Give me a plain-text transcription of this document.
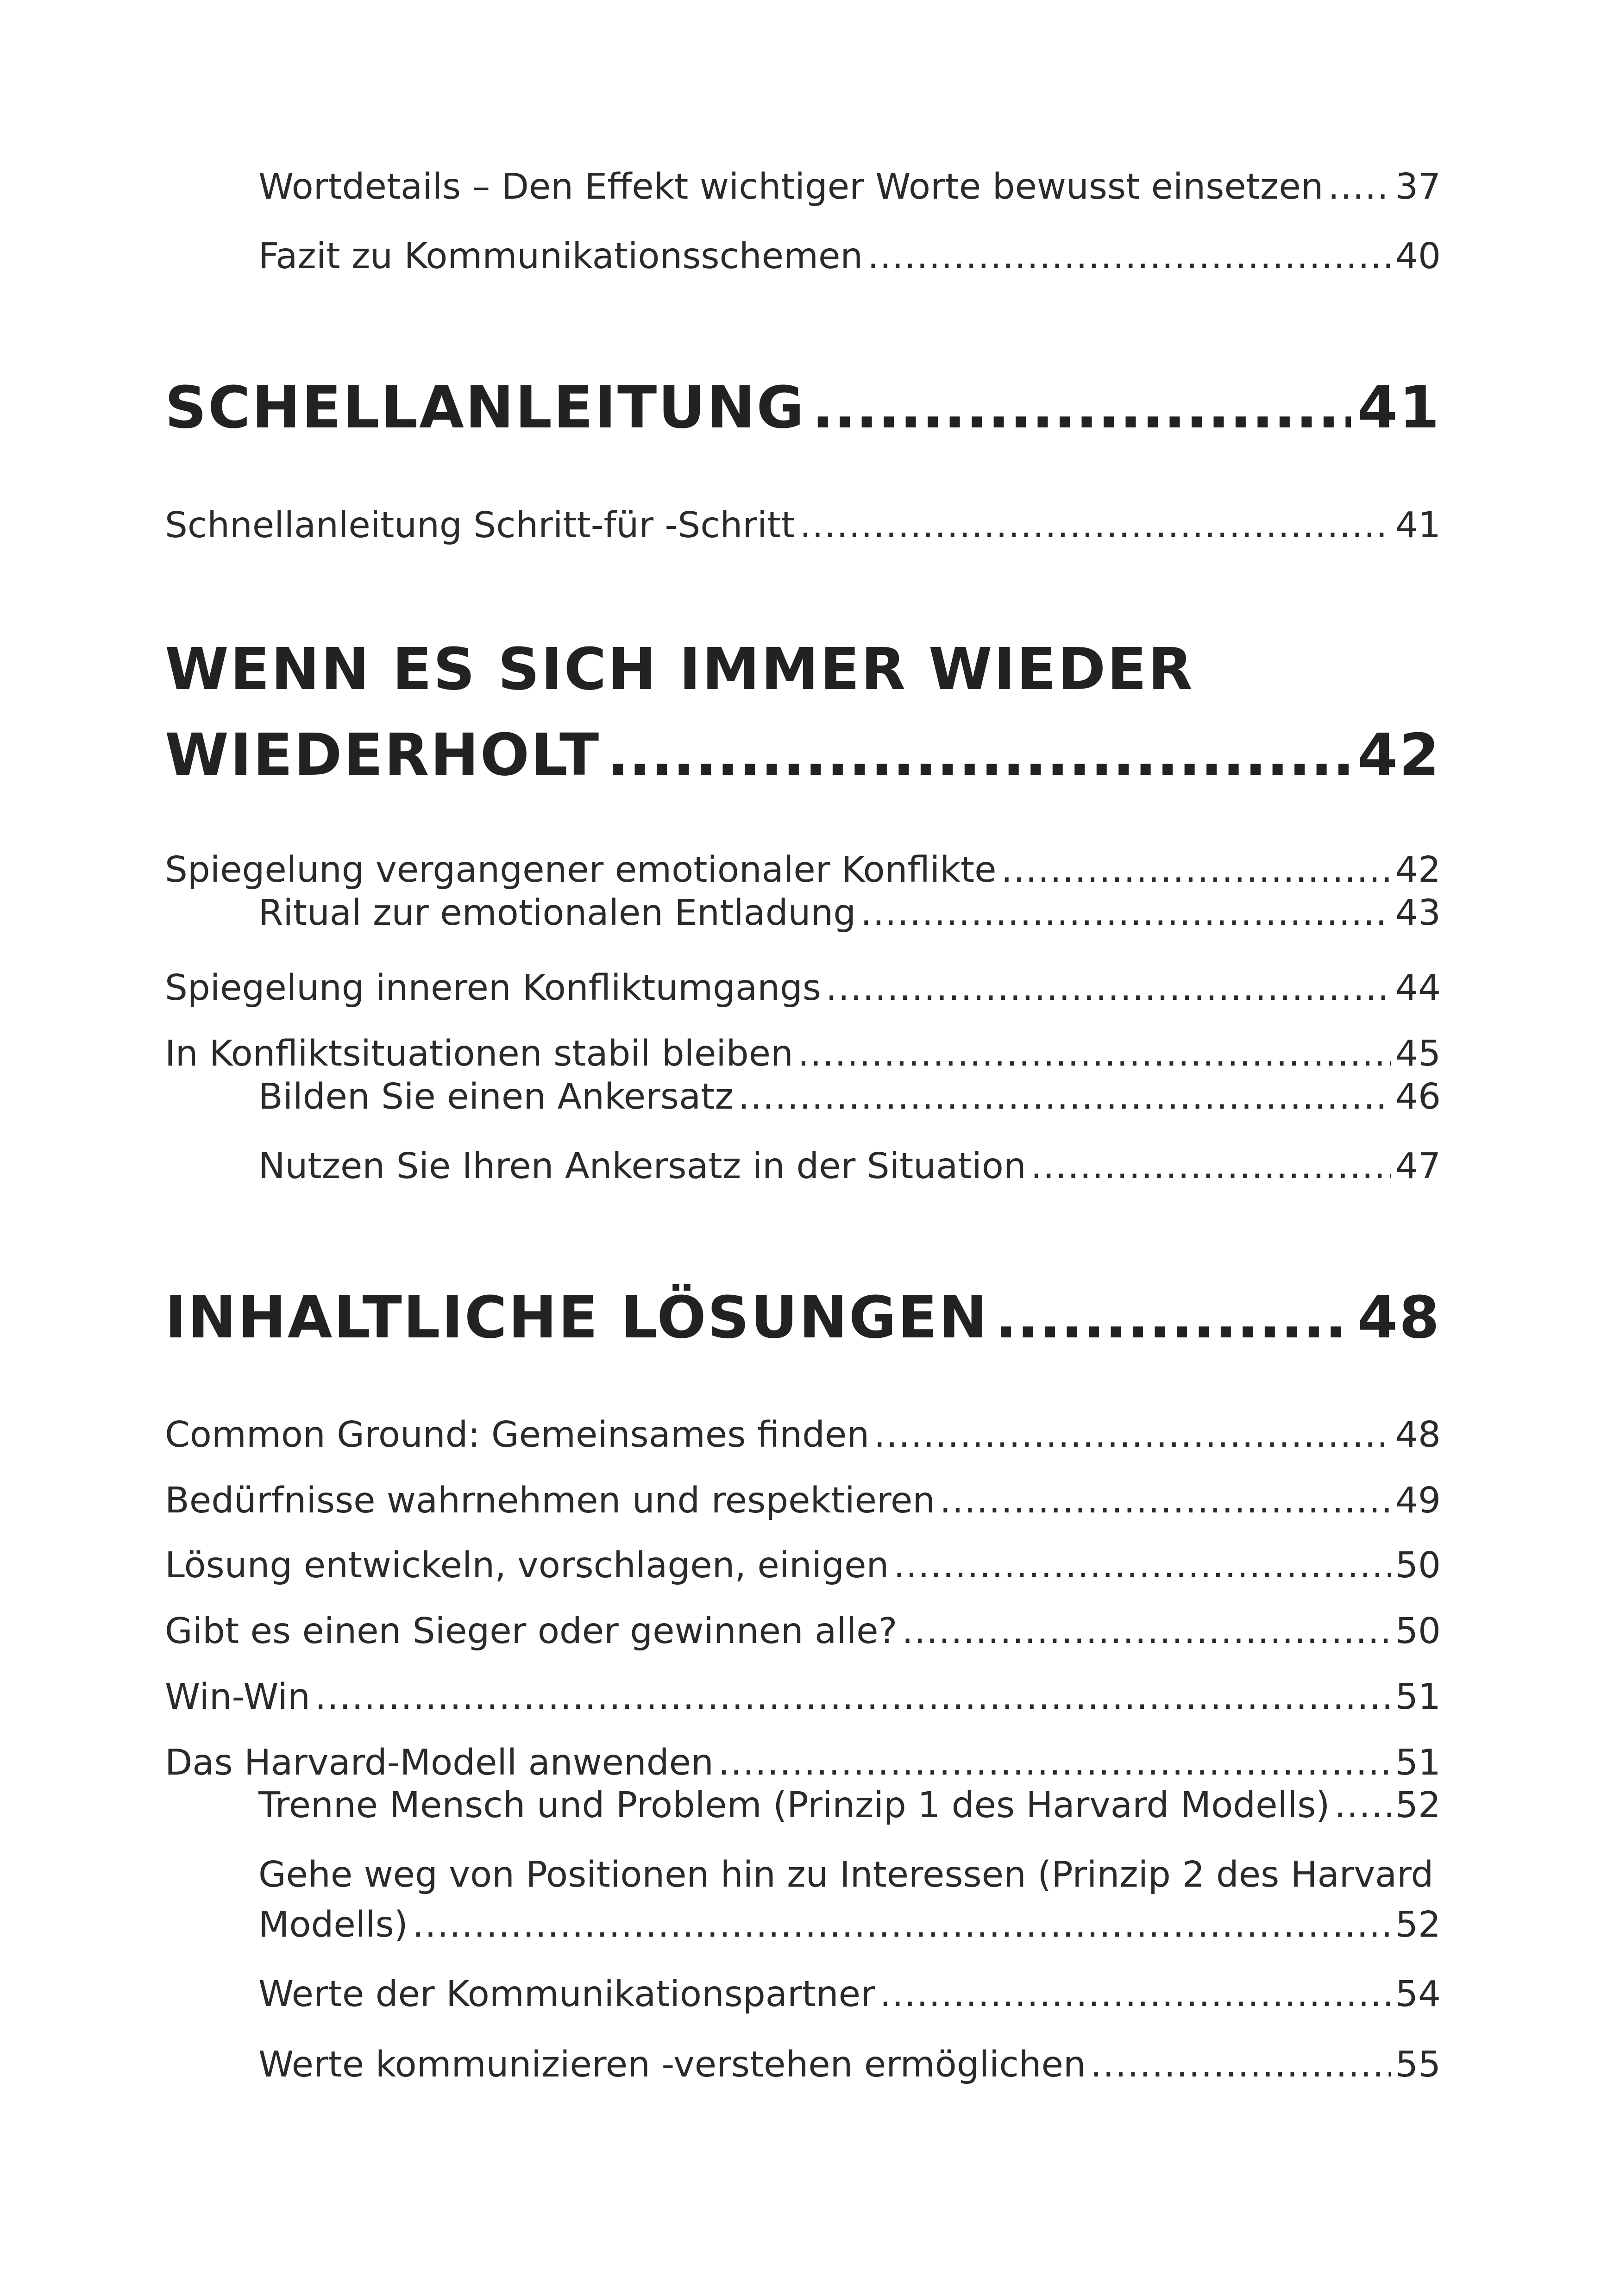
Wortdetails – Den Effekt wichtiger Worte bewusst einsetzen ..... 37
Fazit zu Kommunikationsschemen .....	40
SCHELLANLEITUNG .....	41
Schnellanleitung Schritt-für -Schritt .....	41
WENN ES SICH IMMER WIEDER
WIEDERHOLT .....	42
Spiegelung vergangener emotionaler Konflikte .....	42
Ritual zur emotionalen Entladung .....	43
Spiegelung inneren Konfliktumgangs .....	44
In Konfliktsituationen stabil bleiben .....	45
Bilden Sie einen Ankersatz .....	46
Nutzen Sie Ihren Ankersatz in der Situation .....	47
INHALTLICHE LÖSUNGEN .....	48
Common Ground: Gemeinsames finden .....	48
Bedürfnisse wahrnehmen und respektieren .....	49
Lösung entwickeln, vorschlagen, einigen .....	50
Gibt es einen Sieger oder gewinnen alle? .....	50
Win-Win .....	51
Das Harvard-Modell anwenden .....	51
Trenne Mensch und Problem (Prinzip 1 des Harvard Modells) ..... 52
Gehe weg von Positionen hin zu Interessen (Prinzip 2 des Harvard
Modells) .....	52
Werte der Kommunikationspartner .....	54
Werte kommunizieren -verstehen ermöglichen .....	55
